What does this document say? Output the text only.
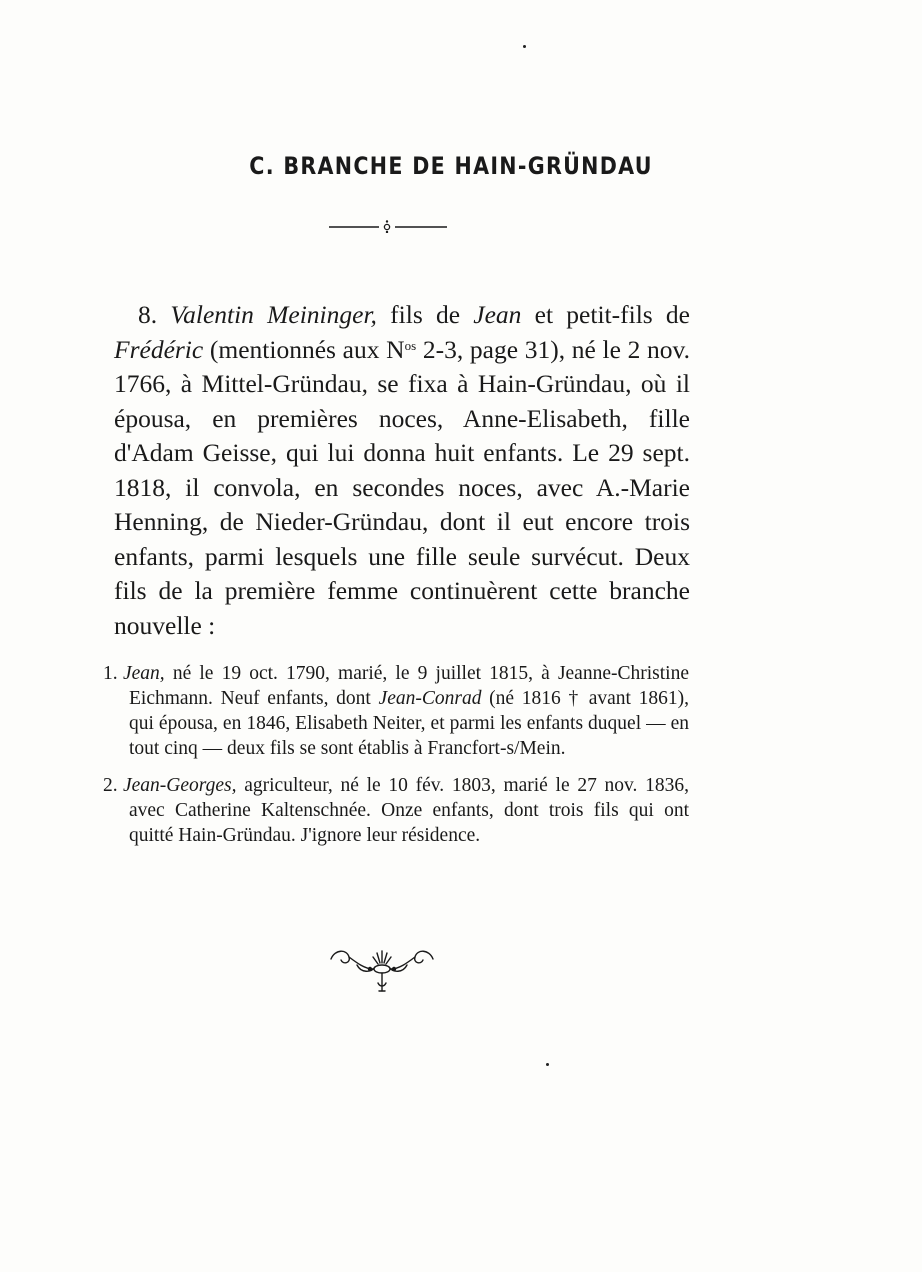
C. BRANCHE DE HAIN-GRÜNDAU

8. Valentin Meininger, fils de Jean et petit-fils de Frédéric (mentionnés aux $N^{os}$ 2-3, page 31), né le 2 nov. 1766, à Mittel-Gründau, se fixa à Hain-Gründau, où il épousa, en premières noces, Anne-Elisabeth, fille d'Adam Geisse, qui lui donna huit enfants. Le 29 sept. 1818, il convola, en secondes noces, avec A.-Marie Henning, de Nieder-Gründau, dont il eut encore trois enfants, parmi lesquels une fille seule survécut. Deux fils de la première femme continuèrent cette branche nouvelle :

1. Jean, né le 19 oct. 1790, marié, le 9 juillet 1815, à Jeanne-Christine Eichmann. Neuf enfants, dont Jean-Conrad (né 1816 † avant 1861), qui épousa, en 1846, Elisabeth Neiter, et parmi les enfants duquel — en tout cinq — deux fils se sont établis à Francfort-s/Mein.

2. Jean-Georges, agriculteur, né le 10 fév. 1803, marié le 27 nov. 1836, avec Catherine Kaltenschnée. Onze enfants, dont trois fils qui ont quitté Hain-Gründau. J'ignore leur résidence.
